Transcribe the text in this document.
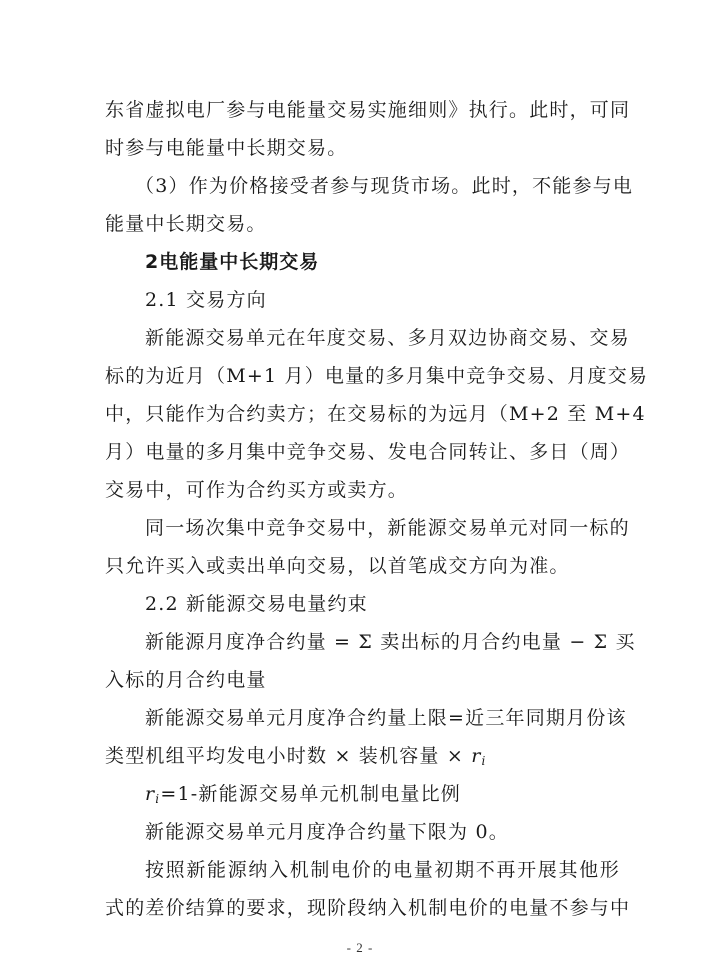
东省虚拟电厂参与电能量交易实施细则》执行。此时，可同
时参与电能量中长期交易。
（3）作为价格接受者参与现货市场。此时，不能参与电
能量中长期交易。
2电能量中长期交易
2.1 交易方向
新能源交易单元在年度交易、多月双边协商交易、交易
标的为近月（M+1 月）电量的多月集中竞争交易、月度交易
中，只能作为合约卖方；在交易标的为远月（M+2 至 M+4
月）电量的多月集中竞争交易、发电合同转让、多日（周）
交易中，可作为合约买方或卖方。
同一场次集中竞争交易中，新能源交易单元对同一标的
只允许买入或卖出单向交易，以首笔成交方向为准。
2.2 新能源交易电量约束
新能源月度净合约量 = Σ 卖出标的月合约电量 − Σ 买
入标的月合约电量
新能源交易单元月度净合约量上限=近三年同期月份该
类型机组平均发电小时数 × 装机容量 × $r_i$
$r_i=1-$新能源交易单元机制电量比例
新能源交易单元月度净合约量下限为 0。
按照新能源纳入机制电价的电量初期不再开展其他形
式的差价结算的要求，现阶段纳入机制电价的电量不参与中
- 2 -
